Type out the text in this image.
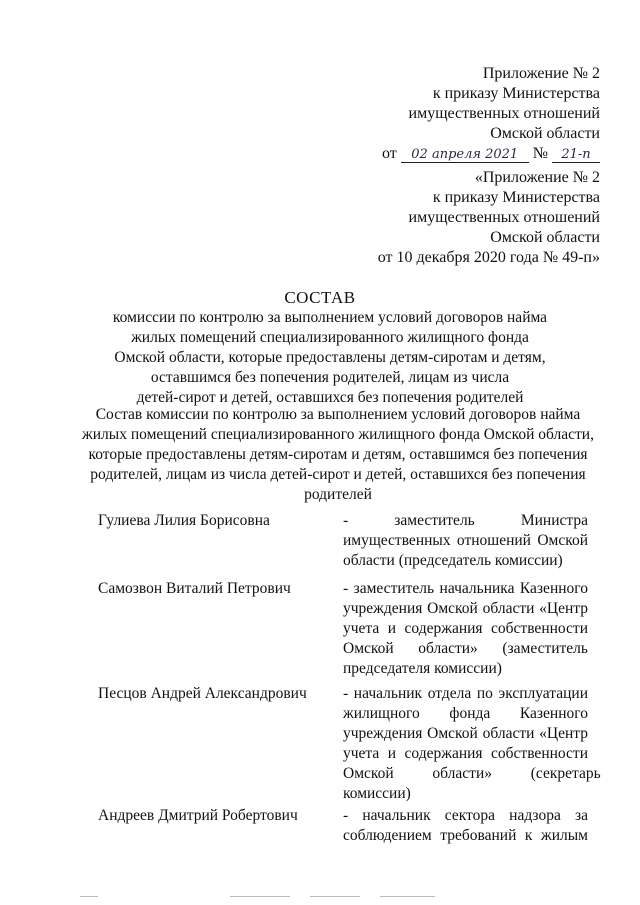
Приложение № 2
к приказу Министерства
имущественных отношений
Омской области
от 02 апреля 2021 № 21-п
«Приложение № 2
к приказу Министерства
имущественных отношений
Омской области
от 10 декабря 2020 года № 49-п»
СОСТАВ
комиссии по контролю за выполнением условий договоров найма
жилых помещений специализированного жилищного фонда
Омской области, которые предоставлены детям-сиротам и детям,
оставшимся без попечения родителей, лицам из числа
детей-сирот и детей, оставшихся без попечения родителей
Состав комиссии по контролю за выполнением условий договоров найма
жилых помещений специализированного жилищного фонда Омской области,
которые предоставлены детям-сиротам и детям, оставшимся без попечения
родителей, лицам из числа детей-сирот и детей, оставшихся без попечения
родителей
Гулиева Лилия Борисовна	-          заместитель          Министра
имущественных отношений Омской
области (председатель комиссии)
Самозвон Виталий Петрович	- заместитель начальника Казенного
учреждения Омской области «Центр
учета и содержания собственности
Омской      области»      (заместитель
председателя комиссии)
Песцов Андрей Александрович - начальник отдела по эксплуатации
жилищного       фонда       Казенного
учреждения Омской области «Центр
учета и содержания собственности
Омской          области»          (секретарь
комиссии)
Андреев Дмитрий Робертович	-  начальник  сектора  надзора  за
соблюдением  требований  к  жилым
